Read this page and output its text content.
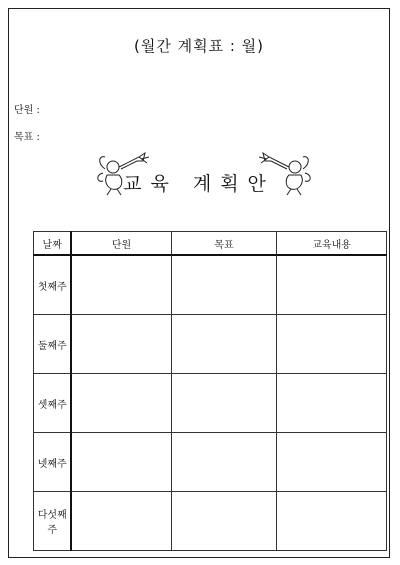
(월간 계획표 : 월)
단원 :
목표 :
교육 계획안
날짜	단원	목표	교육내용
첫째주			
둘째주			
셋째주			
넷째주			
다섯째주			
